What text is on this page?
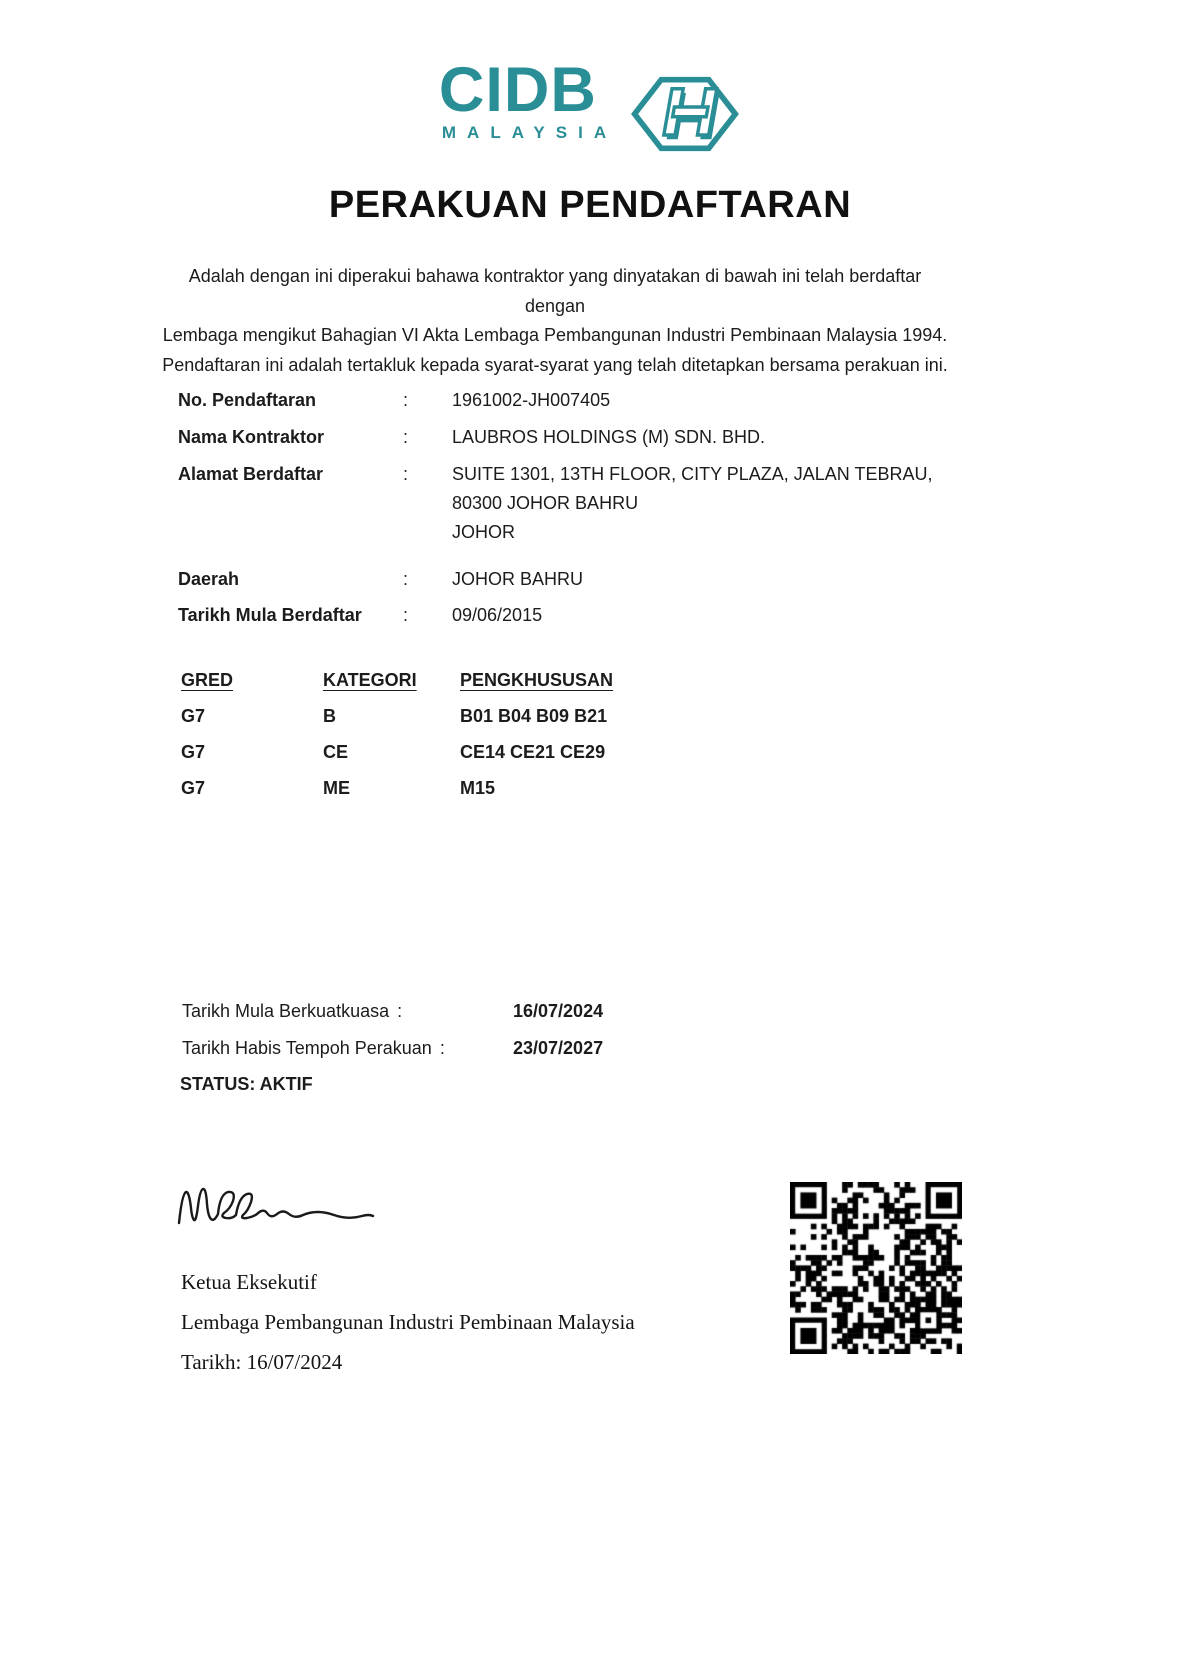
CIDB
MALAYSIA
PERAKUAN PENDAFTARAN
Adalah dengan ini diperakui bahawa kontraktor yang dinyatakan di bawah ini telah berdaftar dengan
Lembaga mengikut Bahagian VI Akta Lembaga Pembangunan Industri Pembinaan Malaysia 1994.
Pendaftaran ini adalah tertakluk kepada syarat-syarat yang telah ditetapkan bersama perakuan ini.
No. Pendaftaran	:	1961002-JH007405
Nama Kontraktor	:	LAUBROS HOLDINGS (M) SDN. BHD.
Alamat Berdaftar	:	SUITE 1301, 13TH FLOOR, CITY PLAZA, JALAN TEBRAU,
80300 JOHOR BAHRU
JOHOR
Daerah	:	JOHOR BAHRU
Tarikh Mula Berdaftar	:	09/06/2015
GRED	KATEGORI	PENGKHUSUSAN
G7	B	B01 B04 B09 B21
G7	CE	CE14 CE21 CE29
G7	ME	M15
Tarikh Mula Berkuatkuasa :	16/07/2024
Tarikh Habis Tempoh Perakuan :	23/07/2027
STATUS: AKTIF
Ketua Eksekutif
Lembaga Pembangunan Industri Pembinaan Malaysia
Tarikh: 16/07/2024
